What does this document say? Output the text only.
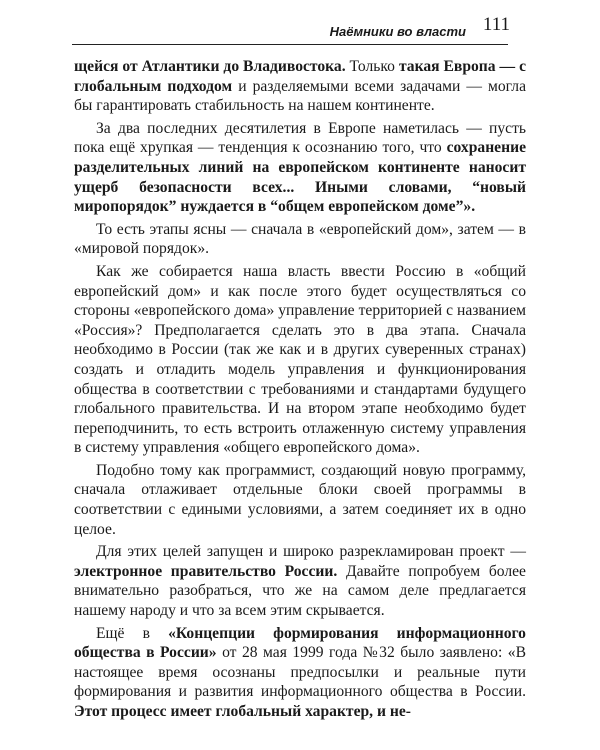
Наёмники во власти 111

щейся от Атлантики до Владивостока. Только такая Европа — с глобальным подходом и разделяемыми всеми задачами — могла бы гарантировать стабильность на нашем континенте.

За два последних десятилетия в Европе наметилась — пусть пока ещё хрупкая — тенденция к осознанию того, что сохранение разделительных линий на европейском континенте наносит ущерб безопасности всех... Иными словами, “новый миропорядок” нуждается в “общем европейском доме”».

То есть этапы ясны — сначала в «европейский дом», затем — в «мировой порядок».

Как же собирается наша власть ввести Россию в «общий европейский дом» и как после этого будет осуществляться со стороны «европейского дома» управление территорией с названием «Россия»? Предполагается сделать это в два этапа. Сначала необходимо в России (так же как и в других суверенных странах) создать и отладить модель управления и функционирования общества в соответствии с требованиями и стандартами будущего глобального правительства. И на втором этапе необходимо будет переподчинить, то есть встроить отлаженную систему управления в систему управления «общего европейского дома».

Подобно тому как программист, создающий новую программу, сначала отлаживает отдельные блоки своей программы в соответствии с едиными условиями, а затем соединяет их в одно целое.

Для этих целей запущен и широко разрекламирован проект — электронное правительство России. Давайте попробуем более внимательно разобраться, что же на самом деле предлагается нашему народу и что за всем этим скрывается.

Ещё в «Концепции формирования информационного общества в России» от 28 мая 1999 года №32 было заявлено: «В настоящее время осознаны предпосылки и реальные пути формирования и развития информационного общества в России. Этот процесс имеет глобальный характер, и не-
